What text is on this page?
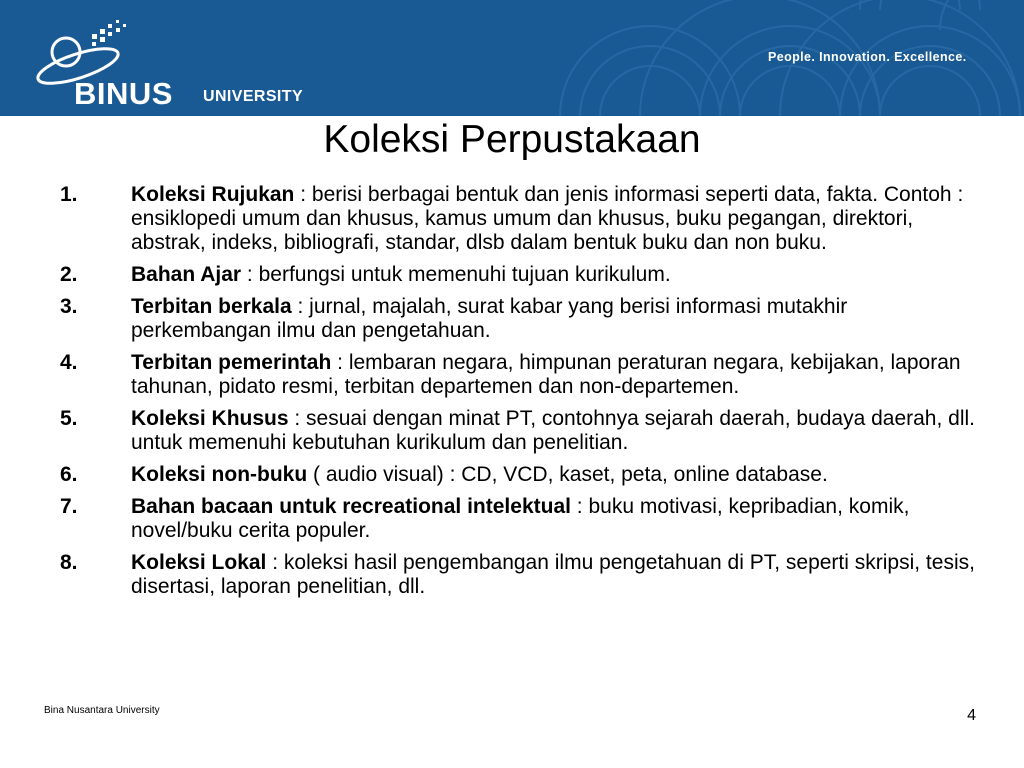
BINUS UNIVERSITY
People. Innovation. Excellence.
Koleksi Perpustakaan
1.	Koleksi Rujukan : berisi berbagai bentuk dan jenis informasi seperti data, fakta. Contoh : ensiklopedi umum dan khusus, kamus umum dan khusus, buku pegangan, direktori, abstrak, indeks, bibliografi, standar, dlsb dalam bentuk buku dan non buku.
2.	Bahan Ajar : berfungsi untuk memenuhi tujuan kurikulum.
3.	Terbitan berkala : jurnal, majalah, surat kabar yang berisi informasi mutakhir perkembangan ilmu dan pengetahuan.
4.	Terbitan pemerintah : lembaran negara, himpunan peraturan negara, kebijakan, laporan tahunan, pidato resmi, terbitan departemen dan non-departemen.
5.	Koleksi Khusus : sesuai dengan minat PT, contohnya sejarah daerah, budaya daerah, dll. untuk memenuhi kebutuhan kurikulum dan penelitian.
6.	Koleksi non-buku ( audio visual) : CD, VCD, kaset, peta, online database.
7.	Bahan bacaan untuk recreational intelektual : buku motivasi, kepribadian, komik, novel/buku cerita populer.
8.	Koleksi Lokal : koleksi hasil pengembangan ilmu pengetahuan di PT, seperti skripsi, tesis, disertasi, laporan penelitian, dll.
Bina Nusantara University	4
